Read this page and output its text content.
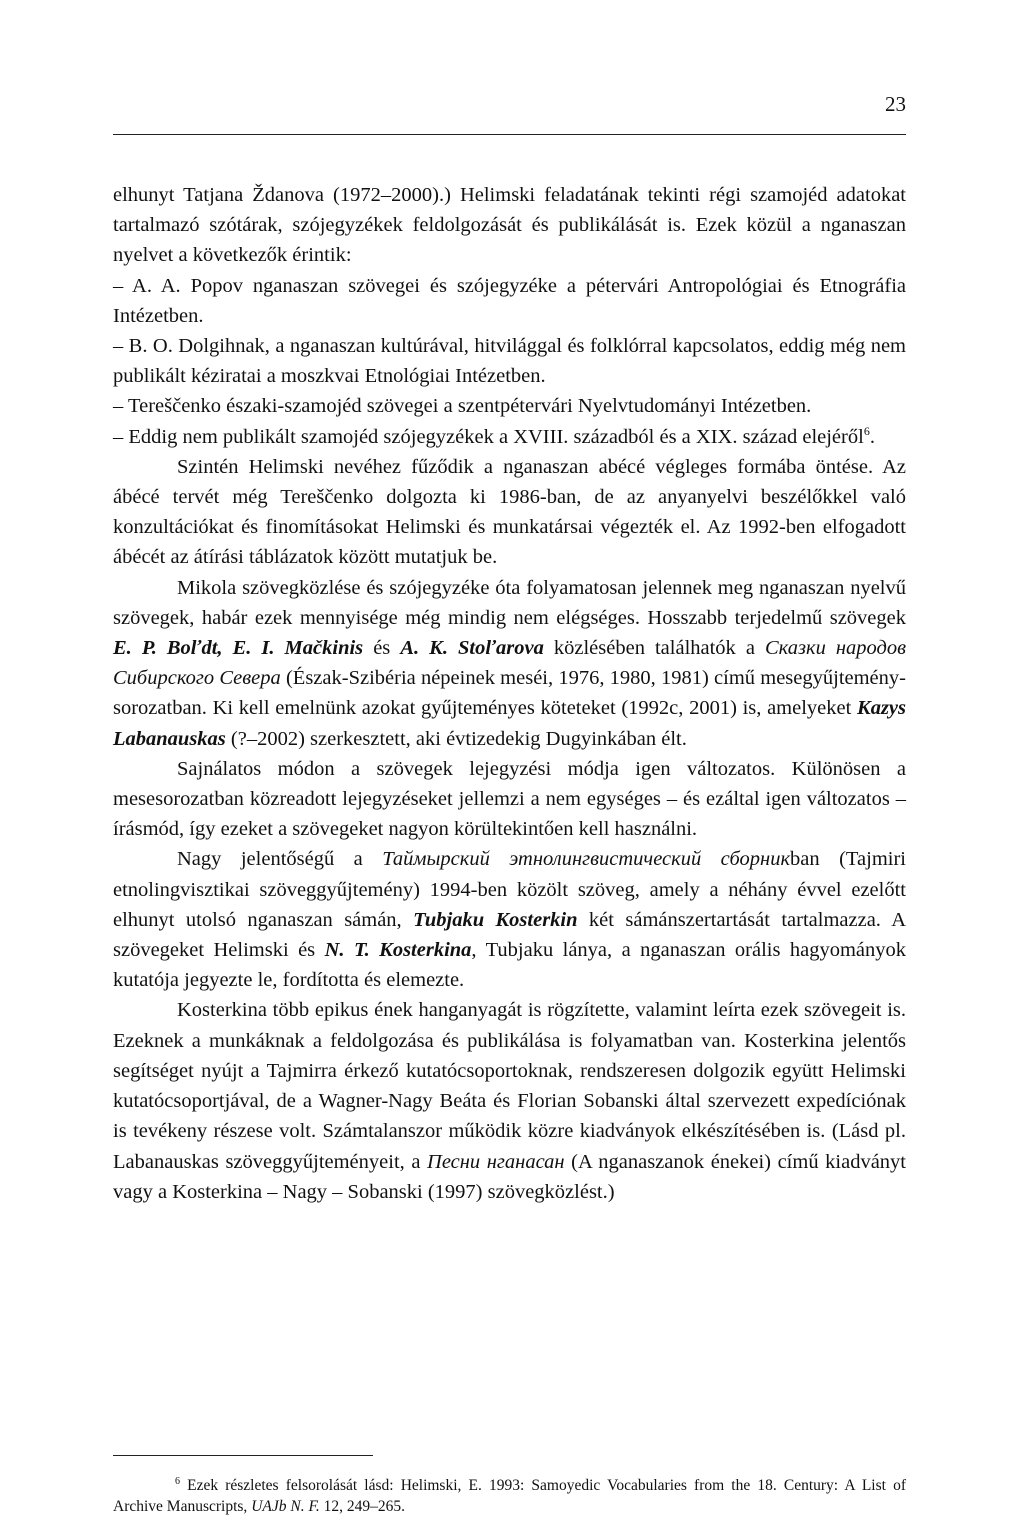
23

elhunyt Tatjana Ždanova (1972–2000).) Helimski feladatának tekinti régi szamojéd adatokat tartalmazó szótárak, szójegyzékek feldolgozását és publikálását is. Ezek közül a nganaszan nyelvet a következők érintik:

– A. A. Popov nganaszan szövegei és szójegyzéke a pétervári Antropológiai és Etnográfia Intézetben.

– B. O. Dolgihnak, a nganaszan kultúrával, hitvilággal és folklórral kapcsolatos, eddig még nem publikált kéziratai a moszkvai Etnológiai Intézetben.

– Tereščenko északi-szamojéd szövegei a szentpétervári Nyelvtudományi Intézetben.

– Eddig nem publikált szamojéd szójegyzékek a XVIII. századból és a XIX. század elejéről$^6$.

Szintén Helimski nevéhez fűződik a nganaszan abécé végleges formába öntése. Az ábécé tervét még Tereščenko dolgozta ki 1986-ban, de az anyanyelvi beszélőkkel való konzultációkat és finomításokat Helimski és munkatársai végezték el. Az 1992-ben elfogadott ábécét az átírási táblázatok között mutatjuk be.

Mikola szövegközlése és szójegyzéke óta folyamatosan jelennek meg nganaszan nyelvű szövegek, habár ezek mennyisége még mindig nem elégséges. Hosszabb terjedelmű szövegek E. P. Boľdt, E. I. Mačkinis és A. K. Stoľarova közlésében találhatók a Сказки народов Сибирского Севера (Észak-Szibéria népeinek meséi, 1976, 1980, 1981) című mesegyűjtemény-sorozatban. Ki kell emelnünk azokat gyűjteményes köteteket (1992c, 2001) is, amelyeket Kazys Labanauskas (?–2002) szerkesztett, aki évtizedekig Dugyinkában élt.

Sajnálatos módon a szövegek lejegyzési módja igen változatos. Különösen a mesesorozatban közreadott lejegyzéseket jellemzi a nem egységes – és ezáltal igen változatos – írásmód, így ezeket a szövegeket nagyon körültekintően kell használni.

Nagy jelentőségű a Таймырский этнолингвистический сборникban (Tajmiri etnolingvisztikai szöveggyűjtemény) 1994-ben közölt szöveg, amely a néhány évvel ezelőtt elhunyt utolsó nganaszan sámán, Tubjaku Kosterkin két sámánszertartását tartalmazza. A szövegeket Helimski és N. T. Kosterkina, Tubjaku lánya, a nganaszan orális hagyományok kutatója jegyezte le, fordította és elemezte.

Kosterkina több epikus ének hanganyagát is rögzítette, valamint leírta ezek szövegeit is. Ezeknek a munkáknak a feldolgozása és publikálása is folyamatban van. Kosterkina jelentős segítséget nyújt a Tajmirra érkező kutatócsoportoknak, rendszeresen dolgozik együtt Helimski kutatócsoportjával, de a Wagner-Nagy Beáta és Florian Sobanski által szervezett expedíciónak is tevékeny részese volt. Számtalanszor működik közre kiadványok elkészítésében is. (Lásd pl. Labanauskas szöveggyűjteményeit, a Песни нганасан (A nganaszanok énekei) című kiadványt vagy a Kosterkina – Nagy – Sobanski (1997) szövegközlést.)

$^6$ Ezek részletes felsorolását lásd: Helimski, E. 1993: Samoyedic Vocabularies from the 18. Century: A List of Archive Manuscripts, UAJb N. F. 12, 249–265.
